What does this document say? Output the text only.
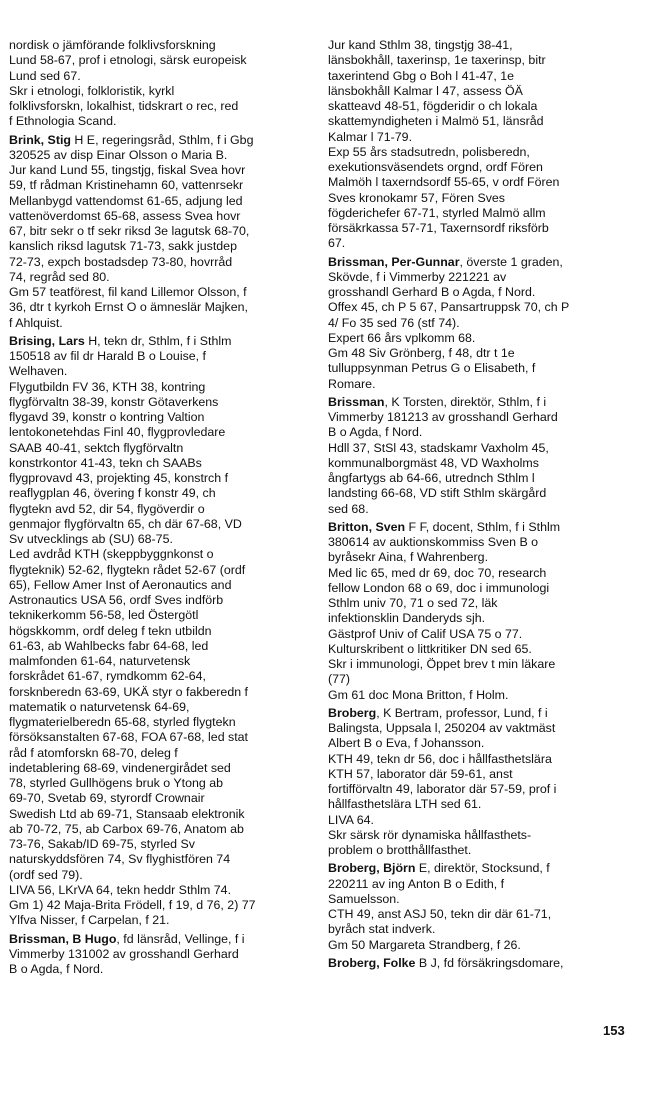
nordisk o jämförande folklivsforskning
Lund 58-67, prof i etnologi, särsk europeisk
Lund sed 67.
Skr i etnologi, folkloristik, kyrkl
folklivsforskn, lokalhist, tidskrart o rec, red
f Ethnologia Scand.
Brink, Stig H E, regeringsråd, Sthlm, f i Gbg
320525 av disp Einar Olsson o Maria B.
Jur kand Lund 55, tingstjg, fiskal Svea hovr
59, tf rådman Kristinehamn 60, vattenrsekr
Mellanbygd vattendomst 61-65, adjung led
vattenöverdomst 65-68, assess Svea hovr
67, bitr sekr o tf sekr riksd 3e lagutsk 68-70,
kanslich riksd lagutsk 71-73, sakk justdep
72-73, expch bostadsdep 73-80, hovrråd
74, regråd sed 80.
Gm 57 teatförest, fil kand Lillemor Olsson, f
36, dtr t kyrkoh Ernst O o ämneslär Majken,
f Ahlquist.
Brising, Lars H, tekn dr, Sthlm, f i Sthlm
150518 av fil dr Harald B o Louise, f
Welhaven.
Flygutbildn FV 36, KTH 38, kontring
flygförvaltn 38-39, konstr Götaverkens
flygavd 39, konstr o kontring Valtion
lentokonetehdas Finl 40, flygprovledare
SAAB 40-41, sektch flygförvaltn
konstrkontor 41-43, tekn ch SAABs
flygprovavd 43, projekting 45, konstrch f
reaflygplan 46, övering f konstr 49, ch
flygtekn avd 52, dir 54, flygöverdir o
genmajor flygförvaltn 65, ch där 67-68, VD
Sv utvecklings ab (SU) 68-75.
Led avdråd KTH (skeppbyggnkonst o
flygteknik) 52-62, flygtekn rådet 52-67 (ordf
65), Fellow Amer Inst of Aeronautics and
Astronautics USA 56, ordf Sves indförb
teknikerkomm 56-58, led Östergötl
högskkomm, ordf deleg f tekn utbildn
61-63, ab Wahlbecks fabr 64-68, led
malmfonden 61-64, naturvetensk
forskrådet 61-67, rymdkomm 62-64,
forsknberedn 63-69, UKÄ styr o fakberedn f
matematik o naturvetensk 64-69,
flygmaterielberedn 65-68, styrled flygtekn
försöksanstalten 67-68, FOA 67-68, led stat
råd f atomforskn 68-70, deleg f
indetablering 68-69, vindenergirådet sed
78, styrled Gullhögens bruk o Ytong ab
69-70, Svetab 69, styrordf Crownair
Swedish Ltd ab 69-71, Stansaab elektronik
ab 70-72, 75, ab Carbox 69-76, Anatom ab
73-76, Sakab/ID 69-75, styrled Sv
naturskyddsfören 74, Sv flyghistfören 74
(ordf sed 79).
LIVA 56, LKrVA 64, tekn heddr Sthlm 74.
Gm 1) 42 Maja-Brita Frödell, f 19, d 76, 2) 77
Ylfva Nisser, f Carpelan, f 21.
Brissman, B Hugo, fd länsråd, Vellinge, f i
Vimmerby 131002 av grosshandl Gerhard
B o Agda, f Nord.
Jur kand Sthlm 38, tingstjg 38-41,
länsbokhåll, taxerinsp, 1e taxerinsp, bitr
taxerintend Gbg o Boh l 41-47, 1e
länsbokhåll Kalmar l 47, assess ÖÄ
skatteavd 48-51, fögderidir o ch lokala
skattemyndigheten i Malmö 51, länsråd
Kalmar l 71-79.
Exp 55 års stadsutredn, polisberedn,
exekutionsväsendets orgnd, ordf Fören
Malmöh l taxerndsordf 55-65, v ordf Fören
Sves kronokamr 57, Fören Sves
fögderichefer 67-71, styrled Malmö allm
försäkrkassa 57-71, Taxernsordf riksförb
67.
Brissman, Per-Gunnar, överste 1 graden,
Skövde, f i Vimmerby 221221 av
grosshandl Gerhard B o Agda, f Nord.
Offex 45, ch P 5 67, Pansartruppsk 70, ch P
4/ Fo 35 sed 76 (stf 74).
Expert 66 års vplkomm 68.
Gm 48 Siv Grönberg, f 48, dtr t 1e
tulluppsynman Petrus G o Elisabeth, f
Romare.
Brissman, K Torsten, direktör, Sthlm, f i
Vimmerby 181213 av grosshandl Gerhard
B o Agda, f Nord.
Hdll 37, StSl 43, stadskamr Vaxholm 45,
kommunalborgmäst 48, VD Waxholms
ångfartygs ab 64-66, utrednch Sthlm l
landsting 66-68, VD stift Sthlm skärgård
sed 68.
Britton, Sven F F, docent, Sthlm, f i Sthlm
380614 av auktionskommiss Sven B o
byråsekr Aina, f Wahrenberg.
Med lic 65, med dr 69, doc 70, research
fellow London 68 o 69, doc i immunologi
Sthlm univ 70, 71 o sed 72, läk
infektionsklin Danderyds sjh.
Gästprof Univ of Calif USA 75 o 77.
Kulturskribent o littkritiker DN sed 65.
Skr i immunologi, Öppet brev t min läkare
(77)
Gm 61 doc Mona Britton, f Holm.
Broberg, K Bertram, professor, Lund, f i
Balingsta, Uppsala l, 250204 av vaktmäst
Albert B o Eva, f Johansson.
KTH 49, tekn dr 56, doc i hållfasthetslära
KTH 57, laborator där 59-61, anst
fortifförvaltn 49, laborator där 57-59, prof i
hållfasthetslära LTH sed 61.
LIVA 64.
Skr särsk rör dynamiska hållfasthets-
problem o brotthållfasthet.
Broberg, Björn E, direktör, Stocksund, f
220211 av ing Anton B o Edith, f
Samuelsson.
CTH 49, anst ASJ 50, tekn dir där 61-71,
byråch stat indverk.
Gm 50 Margareta Strandberg, f 26.
Broberg, Folke B J, fd försäkringsdomare,
153
